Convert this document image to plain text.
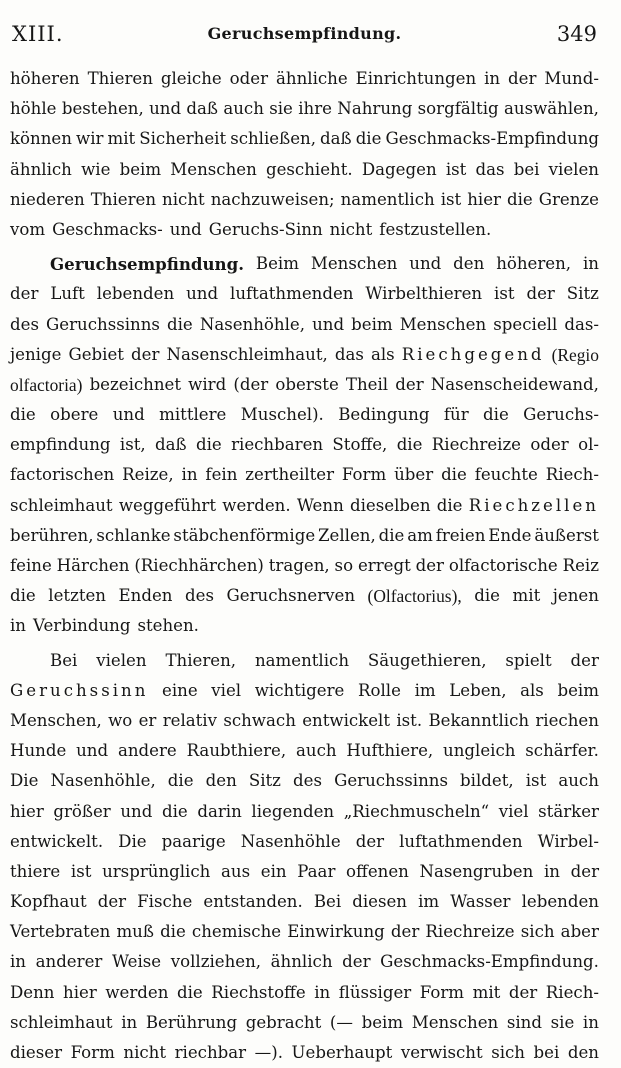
XIII.	Geruchsempfindung.	349
höheren Thieren gleiche oder ähnliche Einrichtungen in der Mund-
höhle bestehen, und daß auch sie ihre Nahrung sorgfältig auswählen,
können wir mit Sicherheit schließen, daß die Geschmacks-Empfindung
ähnlich wie beim Menschen geschieht. Dagegen ist das bei vielen
niederen Thieren nicht nachzuweisen; namentlich ist hier die Grenze
vom Geschmacks- und Geruchs-Sinn nicht festzustellen.
Geruchsempfindung. Beim Menschen und den höheren, in
der Luft lebenden und luftathmenden Wirbelthieren ist der Sitz
des Geruchssinns die Nasenhöhle, und beim Menschen speciell das-
jenige Gebiet der Nasenschleimhaut, das als Riechgegend (Regio
olfactoria) bezeichnet wird (der oberste Theil der Nasenscheidewand,
die obere und mittlere Muschel). Bedingung für die Geruchs-
empfindung ist, daß die riechbaren Stoffe, die Riechreize oder ol-
factorischen Reize, in fein zertheilter Form über die feuchte Riech-
schleimhaut weggeführt werden. Wenn dieselben die Riechzellen
berühren, schlanke stäbchenförmige Zellen, die am freien Ende äußerst
feine Härchen (Riechhärchen) tragen, so erregt der olfactorische Reiz
die letzten Enden des Geruchsnerven (Olfactorius), die mit jenen
in Verbindung stehen.
Bei vielen Thieren, namentlich Säugethieren, spielt der
Geruchssinn eine viel wichtigere Rolle im Leben, als beim
Menschen, wo er relativ schwach entwickelt ist. Bekanntlich riechen
Hunde und andere Raubthiere, auch Hufthiere, ungleich schärfer.
Die Nasenhöhle, die den Sitz des Geruchssinns bildet, ist auch
hier größer und die darin liegenden „Riechmuscheln“ viel stärker
entwickelt. Die paarige Nasenhöhle der luftathmenden Wirbel-
thiere ist ursprünglich aus ein Paar offenen Nasengruben in der
Kopfhaut der Fische entstanden. Bei diesen im Wasser lebenden
Vertebraten muß die chemische Einwirkung der Riechreize sich aber
in anderer Weise vollziehen, ähnlich der Geschmacks-Empfindung.
Denn hier werden die Riechstoffe in flüssiger Form mit der Riech-
schleimhaut in Berührung gebracht (— beim Menschen sind sie in
dieser Form nicht riechbar —). Ueberhaupt verwischt sich bei den
